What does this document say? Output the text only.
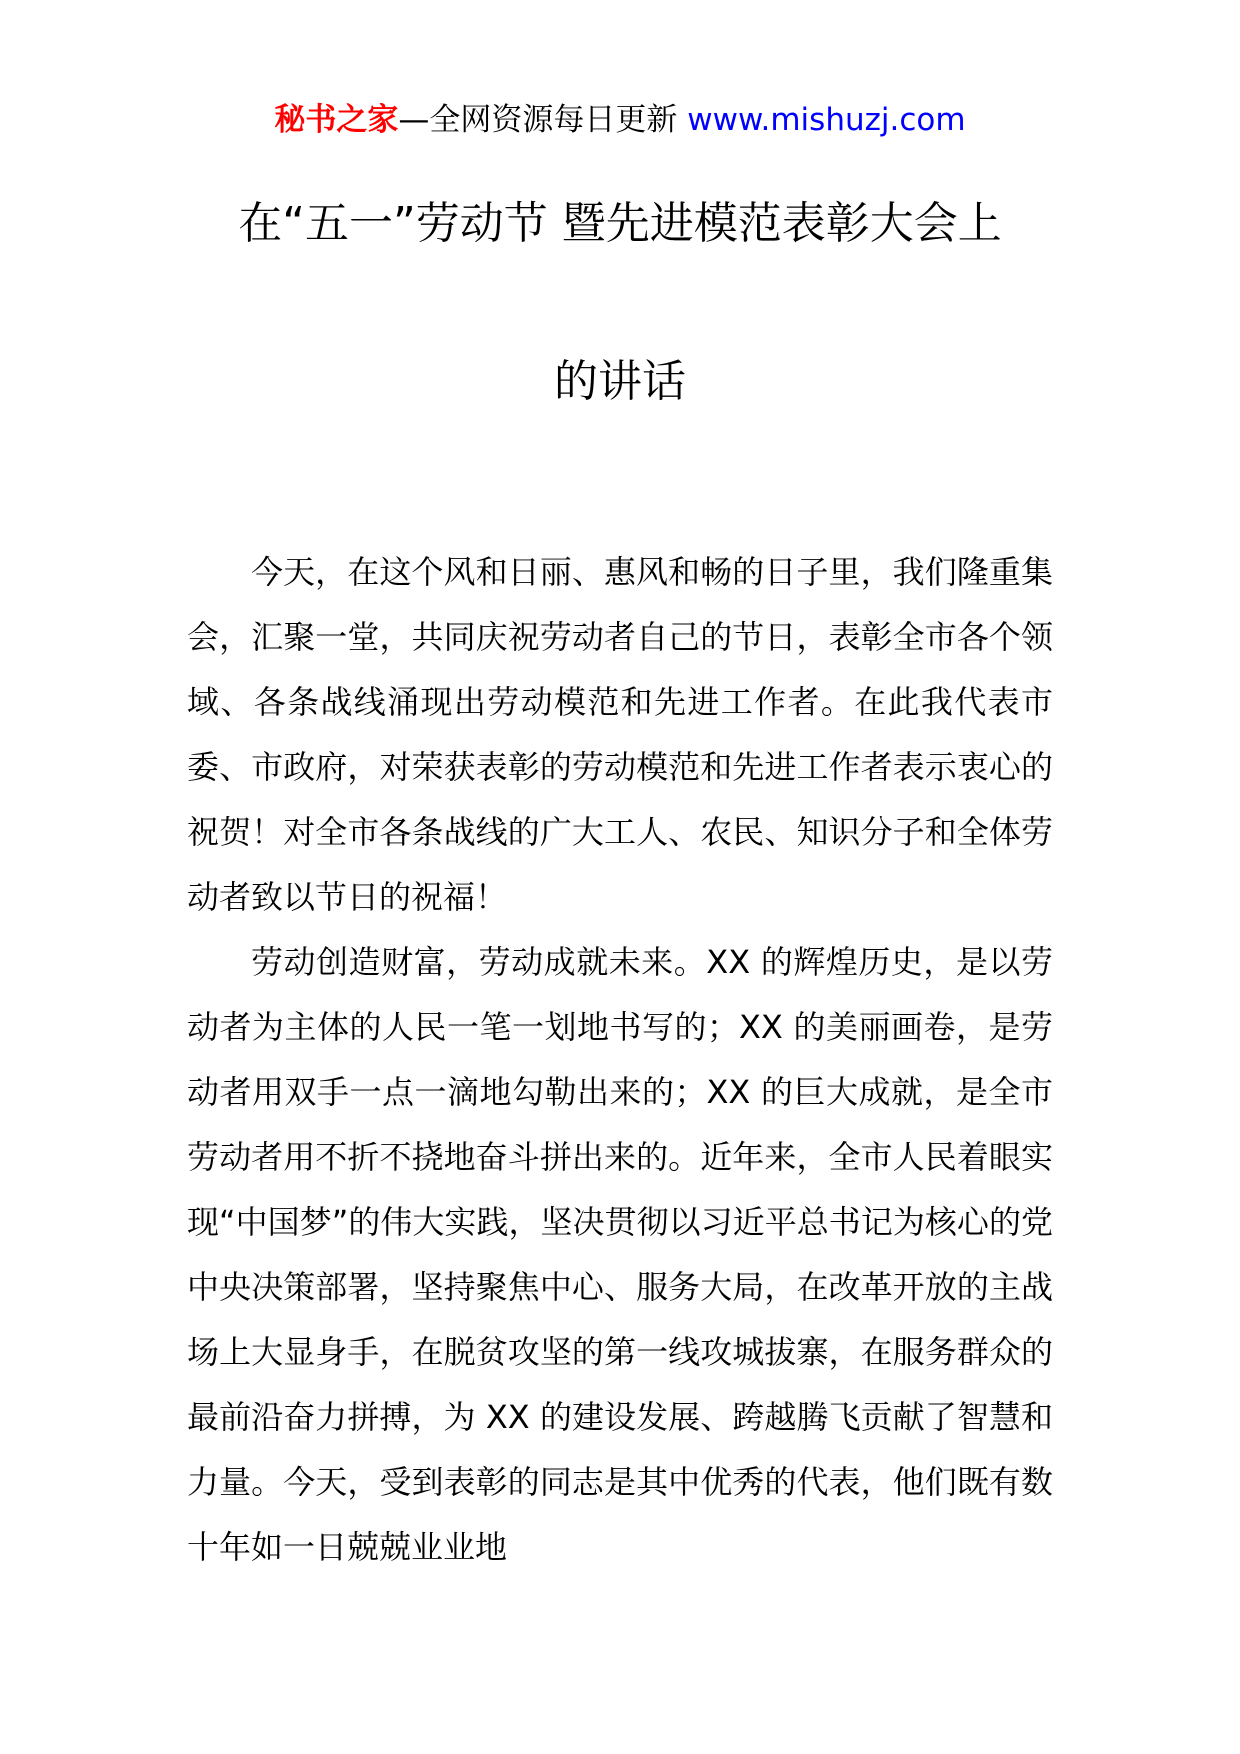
秘书之家—全网资源每日更新 www.mishuzj.com
在“五一”劳动节 暨先进模范表彰大会上
的讲话

今天，在这个风和日丽、惠风和畅的日子里，我们隆重集会，汇聚一堂，共同庆祝劳动者自己的节日，表彰全市各个领域、各条战线涌现出劳动模范和先进工作者。在此我代表市委、市政府，对荣获表彰的劳动模范和先进工作者表示衷心的祝贺！对全市各条战线的广大工人、农民、知识分子和全体劳动者致以节日的祝福！

劳动创造财富，劳动成就未来。XX 的辉煌历史，是以劳动者为主体的人民一笔一划地书写的；XX 的美丽画卷，是劳动者用双手一点一滴地勾勒出来的；XX 的巨大成就，是全市劳动者用不折不挠地奋斗拼出来的。近年来，全市人民着眼实现“中国梦”的伟大实践，坚决贯彻以习近平总书记为核心的党中央决策部署，坚持聚焦中心、服务大局，在改革开放的主战场上大显身手，在脱贫攻坚的第一线攻城拔寨，在服务群众的最前沿奋力拼搏，为 XX 的建设发展、跨越腾飞贡献了智慧和力量。今天，受到表彰的同志是其中优秀的代表，他们既有数十年如一日兢兢业业地
